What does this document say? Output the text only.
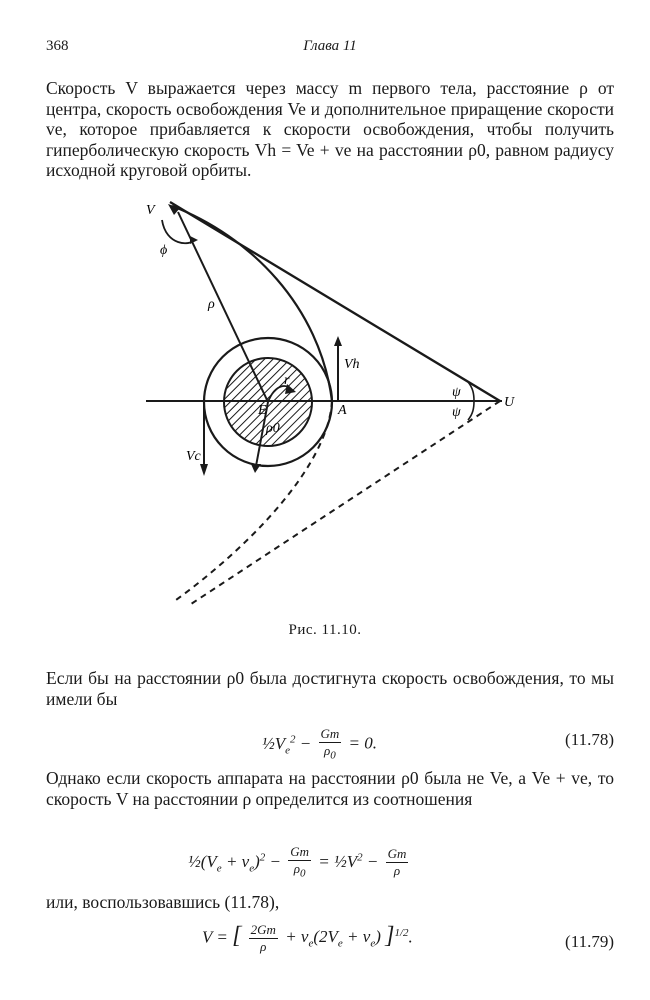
368	Глава 11
Скорость V выражается через массу m первого тела, расстояние ρ от центра, скорость освобождения Ve и дополнительное приращение скорости ve, которое прибавляется к скорости освобождения, чтобы получить гиперболическую скорость Vh = Ve + ve на расстоянии ρ0, равном радиусу исходной круговой орбиты.
V
ϕ
ρ
Vh
r
E	A
ρ0
Vc
ψ
ψ
U
Рис. 11.10.
Если бы на расстоянии ρ0 была достигнута скорость освобождения, то мы имели бы
$\frac{1}{2}V_e^2 - \frac{Gm}{\rho_0} = 0$.	(11.78)
Однако если скорость аппарата на расстоянии ρ0 была не Ve, а Ve + ve, то скорость V на расстоянии ρ определится из соотношения
$\frac{1}{2}(V_e + v_e)^2 - \frac{Gm}{\rho_0}$ = $\frac{1}{2}V^2 - \frac{Gm}{\rho}$
или, воспользовавшись (11.78),
V = [ $\frac{2Gm}{\rho} + v_e(2V_e + v_e)$ ]$^{1/2}$.	(11.79)
